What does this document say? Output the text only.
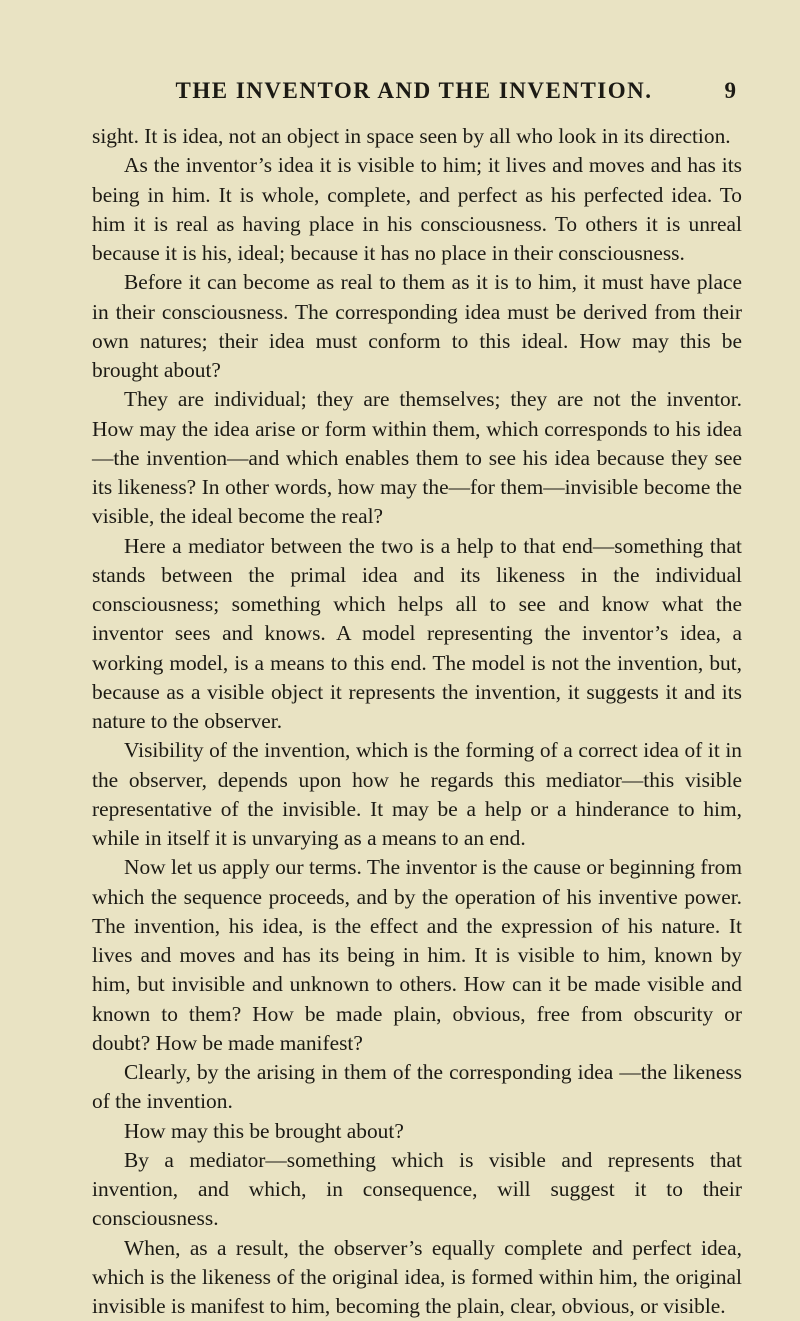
THE INVENTOR AND THE INVENTION.	9

sight. It is idea, not an object in space seen by all who look in its direction.

As the inventor’s idea it is visible to him; it lives and moves and has its being in him. It is whole, complete, and perfect as his perfected idea. To him it is real as having place in his consciousness. To others it is unreal because it is his, ideal; because it has no place in their consciousness.

Before it can become as real to them as it is to him, it must have place in their consciousness. The corresponding idea must be derived from their own natures; their idea must conform to this ideal. How may this be brought about?

They are individual; they are themselves; they are not the inventor. How may the idea arise or form within them, which corresponds to his idea—the invention—and which enables them to see his idea because they see its likeness? In other words, how may the—for them—invisible become the visible, the ideal become the real?

Here a mediator between the two is a help to that end—something that stands between the primal idea and its likeness in the individual consciousness; something which helps all to see and know what the inventor sees and knows. A model representing the inventor’s idea, a working model, is a means to this end. The model is not the invention, but, because as a visible object it represents the invention, it suggests it and its nature to the observer.

Visibility of the invention, which is the forming of a correct idea of it in the observer, depends upon how he regards this mediator—this visible representative of the invisible. It may be a help or a hinderance to him, while in itself it is unvarying as a means to an end.

Now let us apply our terms. The inventor is the cause or beginning from which the sequence proceeds, and by the operation of his inventive power. The invention, his idea, is the effect and the expression of his nature. It lives and moves and has its being in him. It is visible to him, known by him, but invisible and unknown to others. How can it be made visible and known to them? How be made plain, obvious, free from obscurity or doubt? How be made manifest?

Clearly, by the arising in them of the corresponding idea —the likeness of the invention.

How may this be brought about?

By a mediator—something which is visible and represents that invention, and which, in consequence, will suggest it to their consciousness.

When, as a result, the observer’s equally complete and perfect idea, which is the likeness of the original idea, is formed within him, the original invisible is manifest to him, becoming the plain, clear, obvious, or visible.
